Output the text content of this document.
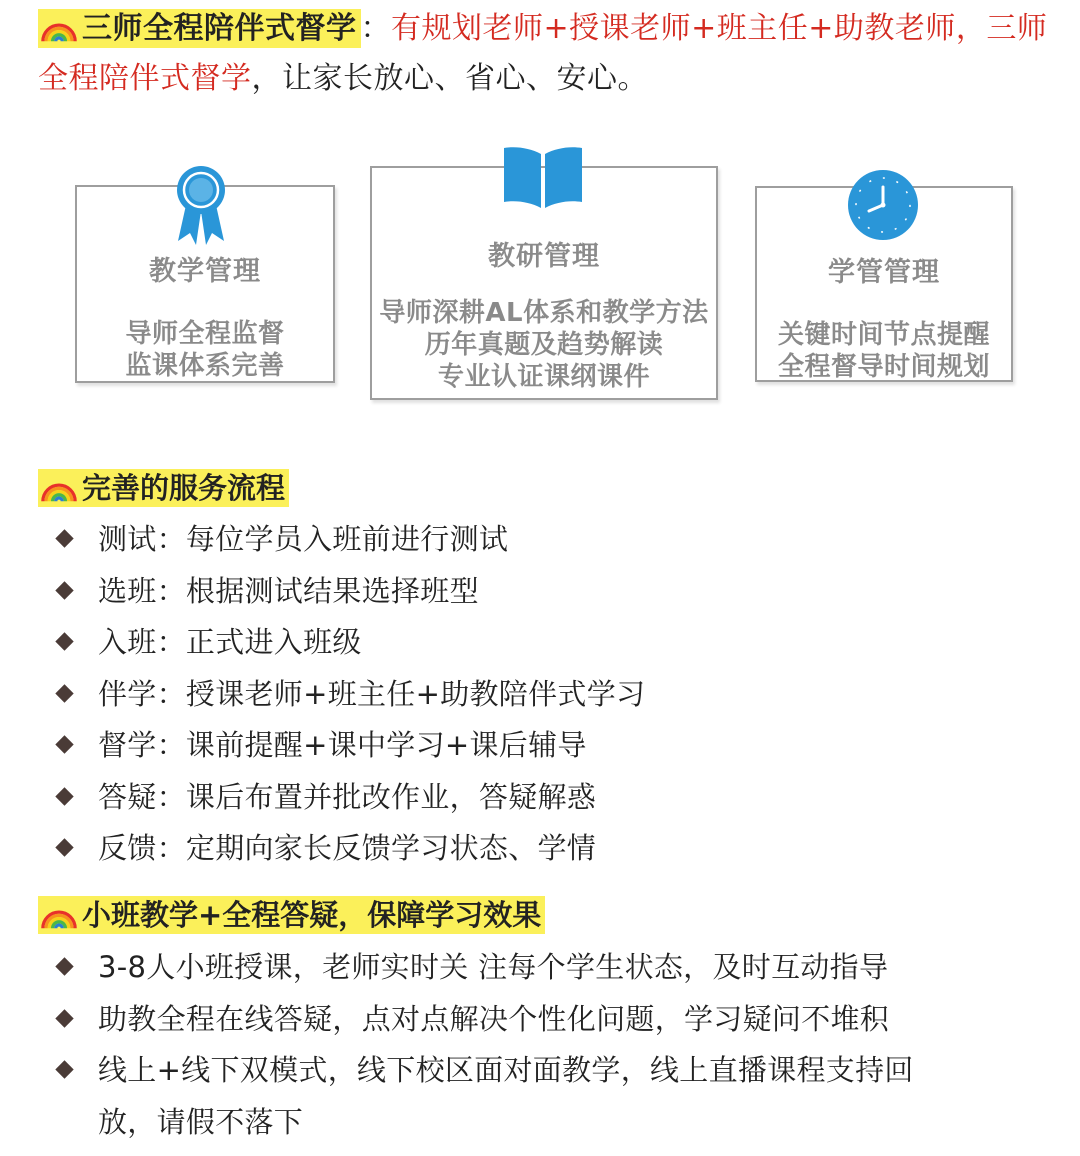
三师全程陪伴式督学 ：有规划老师+授课老师+班主任+助教老师，三师全程陪伴式督学，让家长放心、省心、安心。
教学管理
导师全程监督
监课体系完善
教研管理
导师深耕AL体系和教学方法
历年真题及趋势解读
专业认证课纲课件
学管管理
关键时间节点提醒
全程督导时间规划
完善的服务流程
测试：每位学员入班前进行测试
选班：根据测试结果选择班型
入班：正式进入班级
伴学：授课老师+班主任+助教陪伴式学习
督学：课前提醒+课中学习+课后辅导
答疑：课后布置并批改作业，答疑解惑
反馈：定期向家长反馈学习状态、学情
小班教学+全程答疑，保障学习效果
3-8人小班授课，老师实时关 注每个学生状态，及时互动指导
助教全程在线答疑，点对点解决个性化问题，学习疑问不堆积
线上+线下双模式，线下校区面对面教学，线上直播课程支持回
放，请假不落下
